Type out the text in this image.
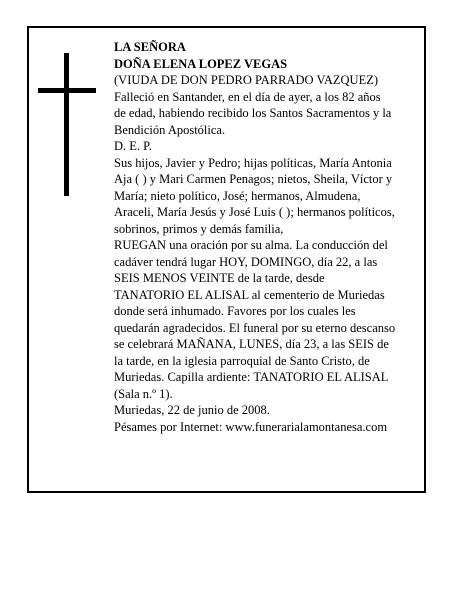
LA SEÑORA

DOÑA ELENA LOPEZ VEGAS

(VIUDA DE DON PEDRO PARRADO VAZQUEZ)

Falleció en Santander, en el día de ayer, a los 82 años

de edad, habiendo recibido los Santos Sacramentos y la

Bendición Apostólica.

D. E. P.

Sus hijos, Javier y Pedro; hijas políticas, María Antonia

Aja ( ) y Mari Carmen Penagos; nietos, Sheila, Víctor y

María; nieto político, José; hermanos, Almudena,

Araceli, María Jesús y José Luis ( ); hermanos políticos,

sobrinos, primos y demás familia,

RUEGAN una oración por su alma. La conducción del

cadáver tendrá lugar HOY, DOMINGO, día 22, a las

SEIS MENOS VEINTE de la tarde, desde

TANATORIO EL ALISAL al cementerio de Muriedas

donde será inhumado. Favores por los cuales les

quedarán agradecidos. El funeral por su eterno descanso

se celebrará MAÑANA, LUNES, día 23, a las SEIS de

la tarde, en la iglesia parroquial de Santo Cristo, de

Muriedas. Capilla ardiente: TANATORIO EL ALISAL

(Sala n.º 1).

Muriedas, 22 de junio de 2008.

Pésames por Internet: www.funerarialamontanesa.com
